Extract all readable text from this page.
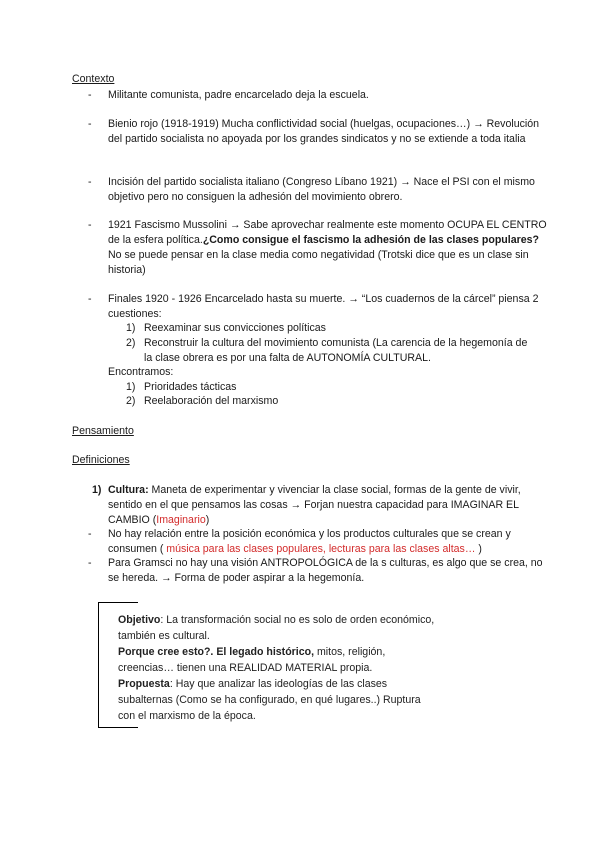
Contexto
- Militante comunista, padre encarcelado deja la escuela.
- Bienio rojo (1918-1919) Mucha conflictividad social (huelgas, ocupaciones…) → Revolución del partido socialista no apoyada por los grandes sindicatos y no se extiende a toda italia
- Incisión del partido socialista italiano (Congreso Líbano 1921) → Nace el PSI con el mismo objetivo pero no consiguen la adhesión del movimiento obrero.
- 1921 Fascismo Mussolini → Sabe aprovechar realmente este momento OCUPA EL CENTRO de la esfera política.¿Como consigue el fascismo la adhesión de las clases populares? No se puede pensar en la clase media como negatividad (Trotski dice que es un clase sin historia)
- Finales 1920 - 1926 Encarcelado hasta su muerte. → “Los cuadernos de la cárcel” piensa 2 cuestiones:
1) Reexaminar sus convicciones políticas
2) Reconstruir la cultura del movimiento comunista (La carencia de la hegemonía de la clase obrera es por una falta de AUTONOMÍA CULTURAL.
Encontramos:
1) Prioridades tácticas
2) Reelaboración del marxismo
Pensamiento
Definiciones
1) Cultura: Maneta de experimentar y vivenciar la clase social, formas de la gente de vivir, sentido en el que pensamos las cosas → Forjan nuestra capacidad para IMAGINAR EL CAMBIO (Imaginario)
- No hay relación entre la posición económica y los productos culturales que se crean y consumen ( música para las clases populares, lecturas para las clases altas… )
- Para Gramsci no hay una visión ANTROPOLÓGICA de la s culturas, es algo que se crea, no se hereda. → Forma de poder aspirar a la hegemonía.
Objetivo: La transformación social no es solo de orden económico, también es cultural.
Porque cree esto?. El legado histórico, mitos, religión, creencias… tienen una REALIDAD MATERIAL propia.
Propuesta: Hay que analizar las ideologías de las clases subalternas (Como se ha configurado, en qué lugares..) Ruptura con el marxismo de la época.
